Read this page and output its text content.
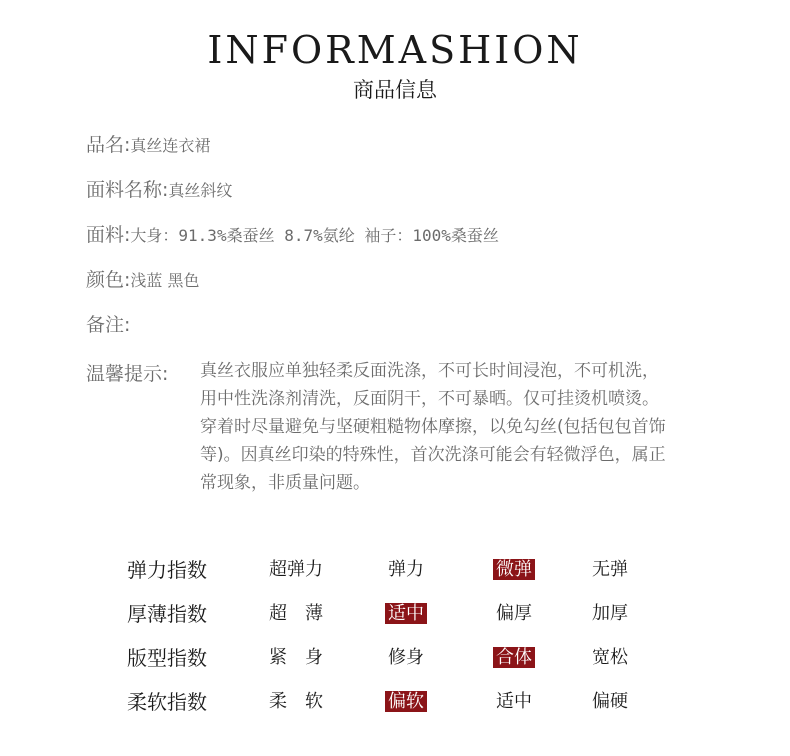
INFORMASHION
商品信息
品名: 真丝连衣裙
面料名称: 真丝斜纹
面料: 大身：91.3%桑蚕丝 8.7%氨纶 袖子：100%桑蚕丝
颜色: 浅蓝 黑色
备注:
温馨提示:	真丝衣服应单独轻柔反面洗涤，不可长时间浸泡，不可机洗，
用中性洗涤剂清洗，反面阴干，不可暴晒。仅可挂烫机喷烫。
穿着时尽量避免与坚硬粗糙物体摩擦，以免勾丝(包括包包首饰
等)。因真丝印染的特殊性，首次洗涤可能会有轻微浮色，属正
常现象，非质量问题。
弹力指数	超弹力	弹力	微弹	无弹
厚薄指数	超　薄	适中	偏厚	加厚
版型指数	紧　身	修身	合体	宽松
柔软指数	柔　软	偏软	适中	偏硬
